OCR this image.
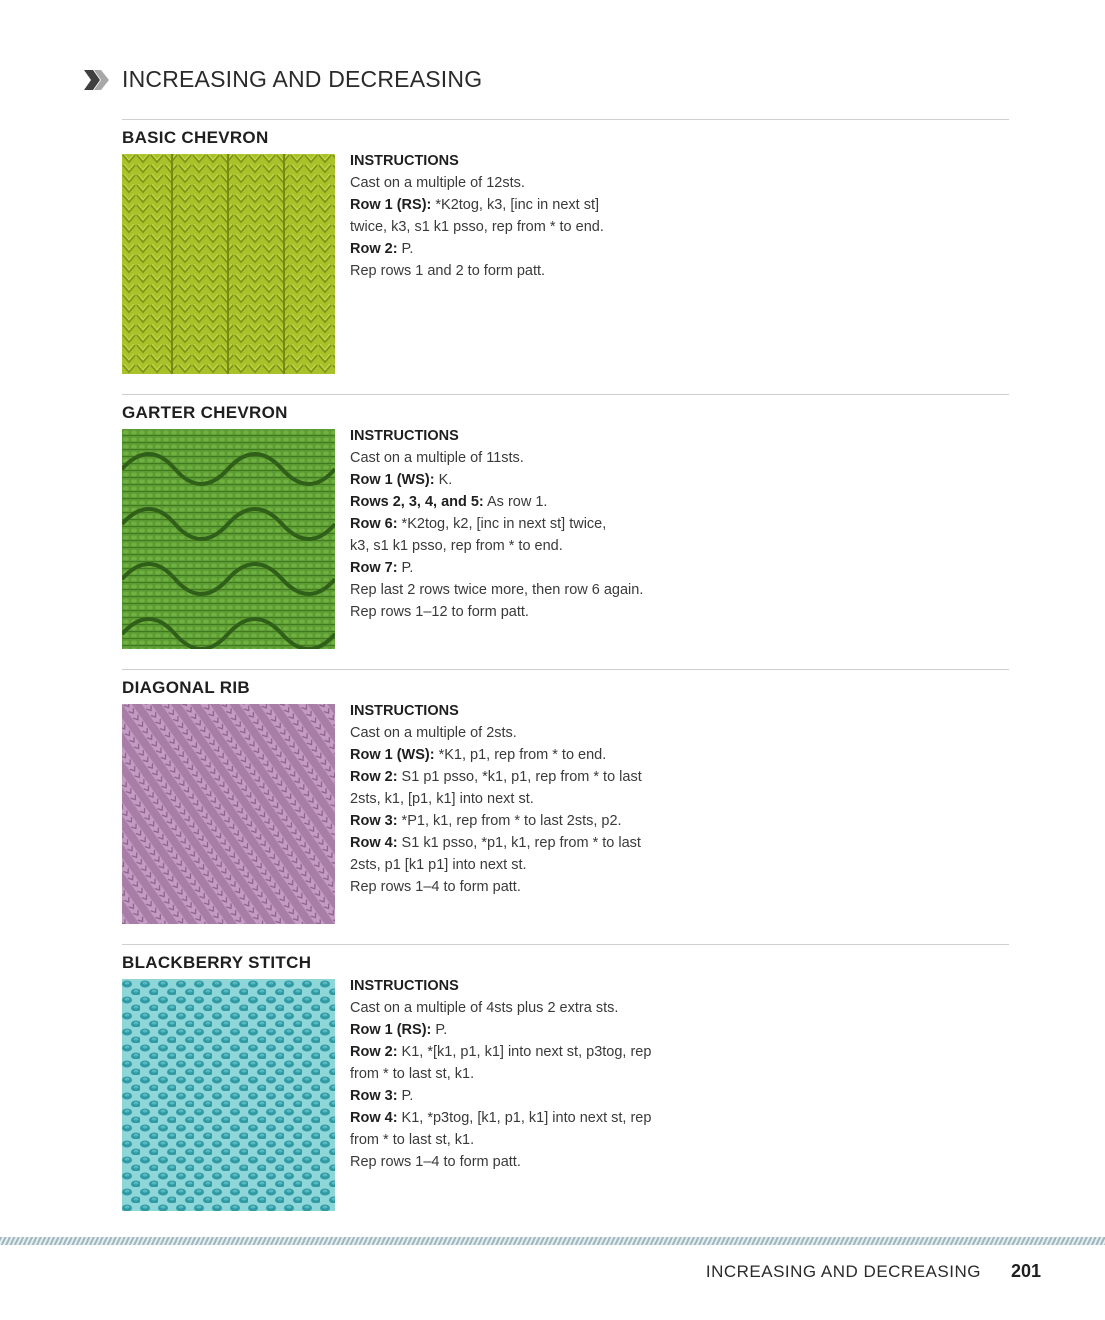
INCREASING AND DECREASING
BASIC CHEVRON
INSTRUCTIONS
Cast on a multiple of 12sts.
Row 1 (RS): *K2tog, k3, [inc in next st]
twice, k3, s1 k1 psso, rep from * to end.
Row 2: P.
Rep rows 1 and 2 to form patt.
GARTER CHEVRON
INSTRUCTIONS
Cast on a multiple of 11sts.
Row 1 (WS): K.
Rows 2, 3, 4, and 5: As row 1.
Row 6: *K2tog, k2, [inc in next st] twice,
k3, s1 k1 psso, rep from * to end.
Row 7: P.
Rep last 2 rows twice more, then row 6 again.
Rep rows 1–12 to form patt.
DIAGONAL RIB
INSTRUCTIONS
Cast on a multiple of 2sts.
Row 1 (WS): *K1, p1, rep from * to end.
Row 2: S1 p1 psso, *k1, p1, rep from * to last
2sts, k1, [p1, k1] into next st.
Row 3: *P1, k1, rep from * to last 2sts, p2.
Row 4: S1 k1 psso, *p1, k1, rep from * to last
2sts, p1 [k1 p1] into next st.
Rep rows 1–4 to form patt.
BLACKBERRY STITCH
INSTRUCTIONS
Cast on a multiple of 4sts plus 2 extra sts.
Row 1 (RS): P.
Row 2: K1, *[k1, p1, k1] into next st, p3tog, rep
from * to last st, k1.
Row 3: P.
Row 4: K1, *p3tog, [k1, p1, k1] into next st, rep
from * to last st, k1.
Rep rows 1–4 to form patt.
INCREASING AND DECREASING 201
